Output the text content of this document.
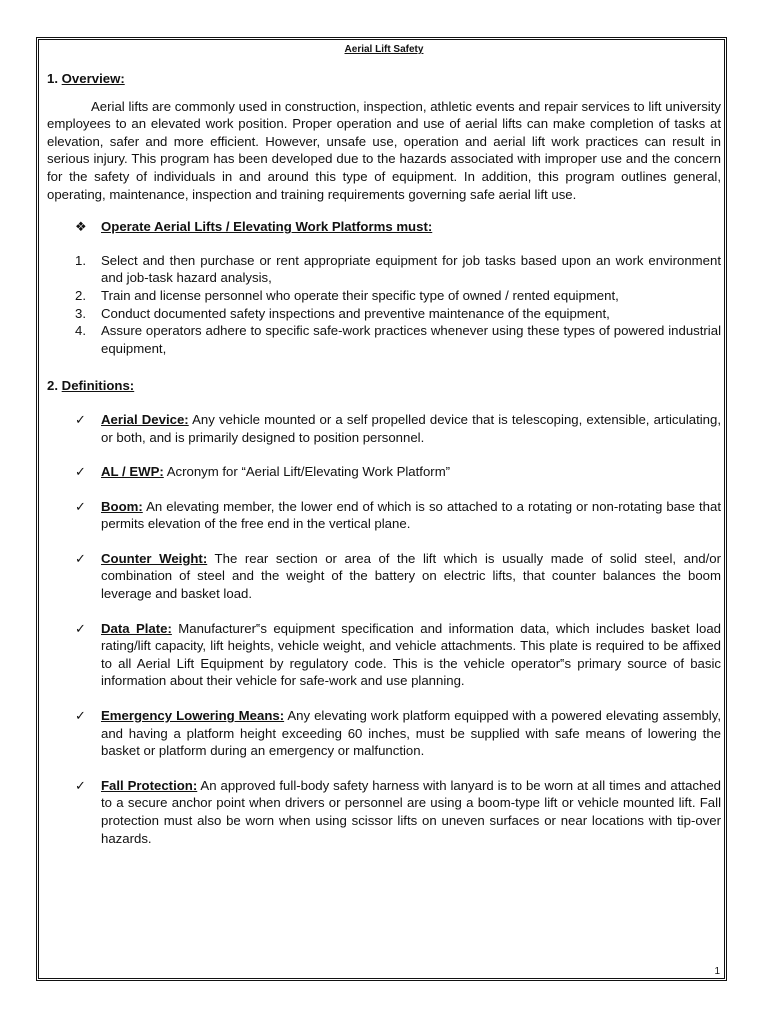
Aerial Lift Safety

1. Overview:

Aerial lifts are commonly used in construction, inspection, athletic events and repair services to lift university employees to an elevated work position. Proper operation and use of aerial lifts can make completion of tasks at elevation, safer and more efficient. However, unsafe use, operation and aerial lift work practices can result in serious injury. This program has been developed due to the hazards associated with improper use and the concern for the safety of individuals in and around this type of equipment. In addition, this program outlines general, operating, maintenance, inspection and training requirements governing safe aerial lift use.

❖	Operate Aerial Lifts / Elevating Work Platforms must:
1.	Select and then purchase or rent appropriate equipment for job tasks based upon an work environment and job-task hazard analysis,
2.	Train and license personnel who operate their specific type of owned / rented equipment,
3.	Conduct documented safety inspections and preventive maintenance of the equipment,
4.	Assure operators adhere to specific safe-work practices whenever using these types of powered industrial equipment,

2. Definitions:

✓	Aerial Device: Any vehicle mounted or a self propelled device that is telescoping, extensible, articulating, or both, and is primarily designed to position personnel.
✓	AL / EWP: Acronym for “Aerial Lift/Elevating Work Platform”
✓	Boom: An elevating member, the lower end of which is so attached to a rotating or non-rotating base that permits elevation of the free end in the vertical plane.
✓	Counter Weight: The rear section or area of the lift which is usually made of solid steel, and/or combination of steel and the weight of the battery on electric lifts, that counter balances the boom leverage and basket load.
✓	Data Plate: Manufacturer‟s equipment specification and information data, which includes basket load rating/lift capacity, lift heights, vehicle weight, and vehicle attachments. This plate is required to be affixed to all Aerial Lift Equipment by regulatory code. This is the vehicle operator‟s primary source of basic information about their vehicle for safe-work and use planning.
✓	Emergency Lowering Means: Any elevating work platform equipped with a powered elevating assembly, and having a platform height exceeding 60 inches, must be supplied with safe means of lowering the basket or platform during an emergency or malfunction.
✓	Fall Protection: An approved full-body safety harness with lanyard is to be worn at all times and attached to a secure anchor point when drivers or personnel are using a boom-type lift or vehicle mounted lift. Fall protection must also be worn when using scissor lifts on uneven surfaces or near locations with tip-over hazards.
1
